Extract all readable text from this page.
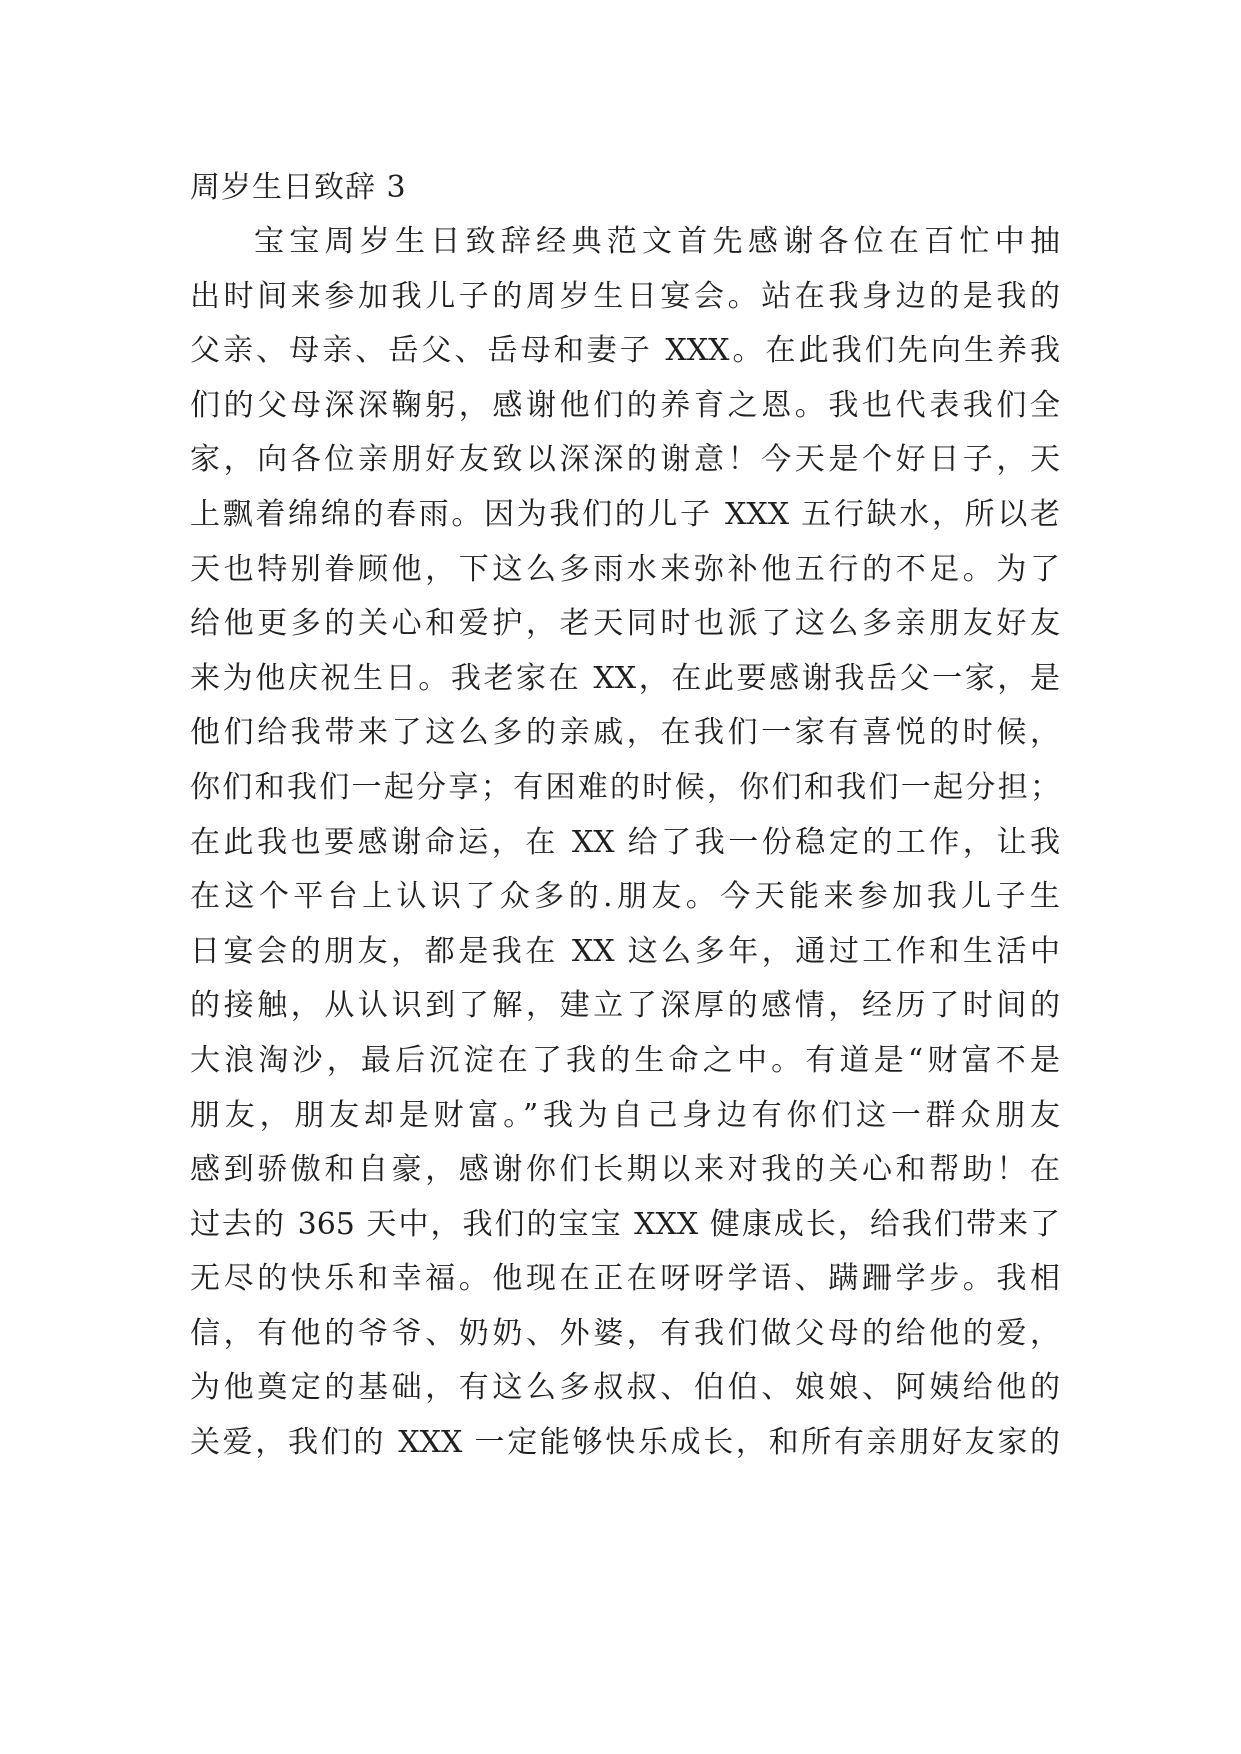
周岁生日致辞 3
宝宝周岁生日致辞经典范文首先感谢各位在百忙中抽
出时间来参加我儿子的周岁生日宴会。站在我身边的是我的
父亲、母亲、岳父、岳母和妻子 XXX。在此我们先向生养我
们的父母深深鞠躬，感谢他们的养育之恩。我也代表我们全
家，向各位亲朋好友致以深深的谢意！今天是个好日子，天
上飘着绵绵的春雨。因为我们的儿子 XXX 五行缺水，所以老
天也特别眷顾他，下这么多雨水来弥补他五行的不足。为了
给他更多的关心和爱护，老天同时也派了这么多亲朋友好友
来为他庆祝生日。我老家在 XX，在此要感谢我岳父一家，是
他们给我带来了这么多的亲戚，在我们一家有喜悦的时候，
你们和我们一起分享；有困难的时候，你们和我们一起分担；
在此我也要感谢命运，在 XX 给了我一份稳定的工作，让我
在这个平台上认识了众多的.朋友。今天能来参加我儿子生
日宴会的朋友，都是我在 XX 这么多年，通过工作和生活中
的接触，从认识到了解，建立了深厚的感情，经历了时间的
大浪淘沙，最后沉淀在了我的生命之中。有道是“财富不是
朋友，朋友却是财富。”我为自己身边有你们这一群众朋友
感到骄傲和自豪，感谢你们长期以来对我的关心和帮助！在
过去的 365 天中，我们的宝宝 XXX 健康成长，给我们带来了
无尽的快乐和幸福。他现在正在呀呀学语、蹒跚学步。我相
信，有他的爷爷、奶奶、外婆，有我们做父母的给他的爱，
为他奠定的基础，有这么多叔叔、伯伯、娘娘、阿姨给他的
关爱，我们的 XXX 一定能够快乐成长，和所有亲朋好友家的
